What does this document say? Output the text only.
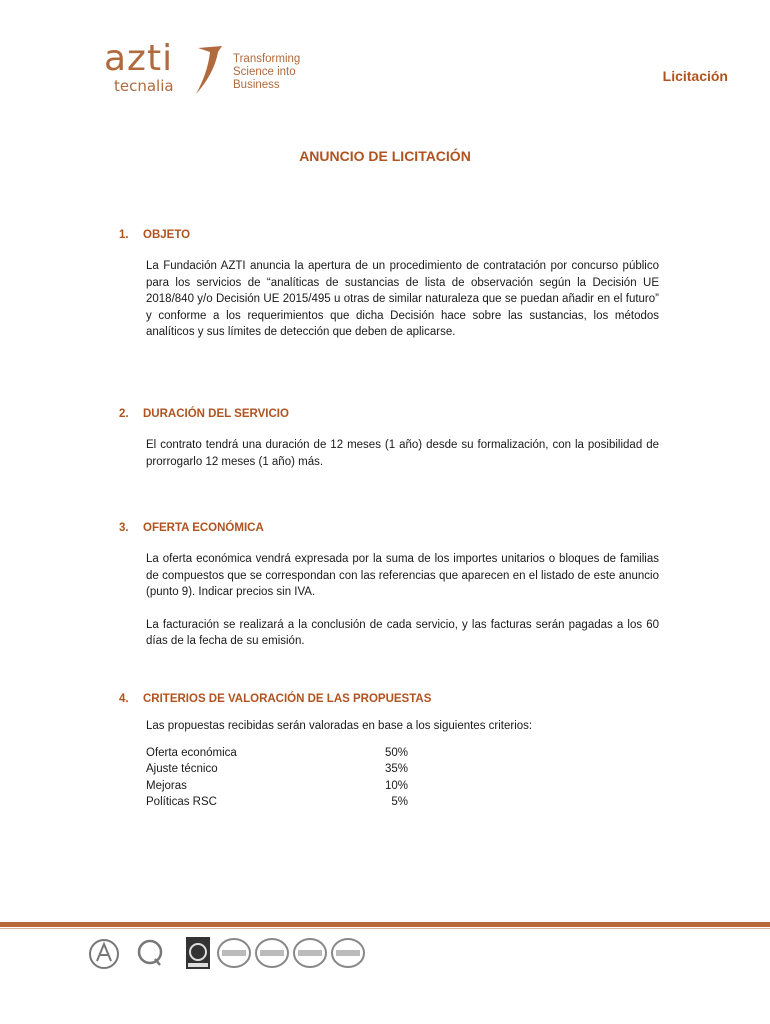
azti
tecnalia
Transforming
Science into
Business
Licitación
ANUNCIO DE LICITACIÓN
1.	OBJETO

La Fundación AZTI anuncia la apertura de un procedimiento de contratación por concurso público para los servicios de “analíticas de sustancias de lista de observación según la Decisión UE 2018/840 y/o Decisión UE 2015/495 u otras de similar naturaleza que se puedan añadir en el futuro” y conforme a los requerimientos que dicha Decisión hace sobre las sustancias, los métodos analíticos y sus límites de detección que deben de aplicarse.

2.	DURACIÓN DEL SERVICIO

El contrato tendrá una duración de 12 meses (1 año) desde su formalización, con la posibilidad de prorrogarlo 12 meses (1 año) más.

3.	OFERTA ECONÓMICA

La oferta económica vendrá expresada por la suma de los importes unitarios o bloques de familias de compuestos que se correspondan con las referencias que aparecen en el listado de este anuncio (punto 9). Indicar precios sin IVA.

La facturación se realizará a la conclusión de cada servicio, y las facturas serán pagadas a los 60 días de la fecha de su emisión.

4.	CRITERIOS DE VALORACIÓN DE LAS PROPUESTAS

Las propuestas recibidas serán valoradas en base a los siguientes criterios:

Oferta económica	50%
Ajuste técnico	35%
Mejoras	10%
Políticas RSC	5%
